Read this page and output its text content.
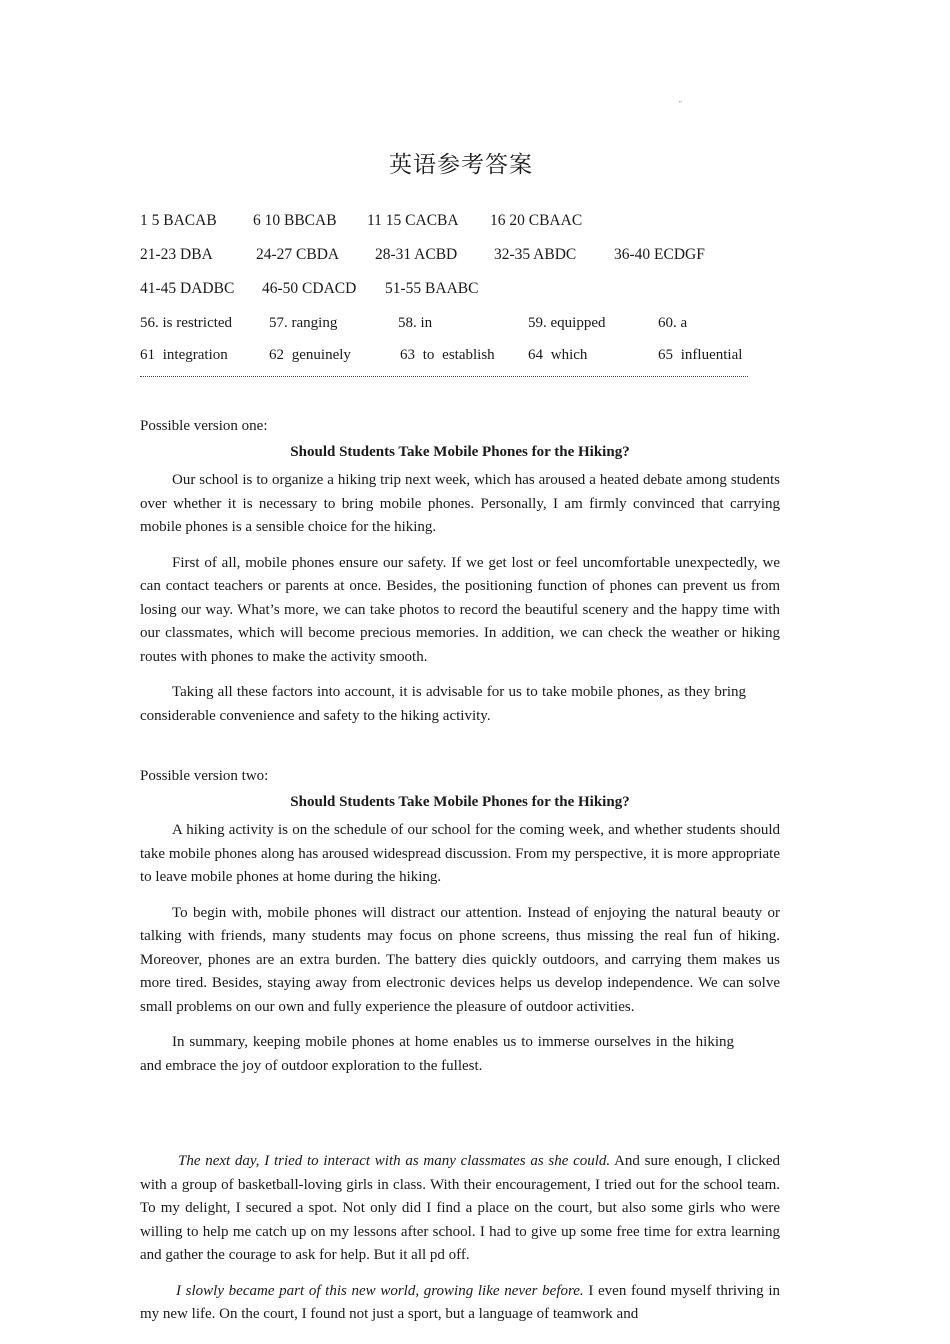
"
英语参考答案
1 5 BACAB 6 10 BBCAB 11 15 CACBA 16 20 CBAAC
21-23 DBA	24-27 CBDA 28-31 ACBD 32-35 ABDC 36-40 ECDGF
41-45 DADBC 46-50 CDACD 51-55 BAABC
56. is restricted 57. ranging	58. in	59. equipped	60. a
61 integration	62 genuinely	63 to establish 64 which	65 influential
Possible version one:
Should Students Take Mobile Phones for the Hiking?

Our school is to organize a hiking trip next week, which has aroused a heated debate among students over whether it is necessary to bring mobile phones. Personally, I am firmly convinced that carrying mobile phones is a sensible choice for the hiking.

First of all, mobile phones ensure our safety. If we get lost or feel uncomfortable unexpectedly, we can contact teachers or parents at once. Besides, the positioning function of phones can prevent us from losing our way. What’s more, we can take photos to record the beautiful scenery and the happy time with our classmates, which will become precious memories. In addition, we can check the weather or hiking routes with phones to make the activity smooth.

Taking all these factors into account, it is advisable for us to take mobile phones, as they bring considerable convenience and safety to the hiking activity.

Possible version two:
Should Students Take Mobile Phones for the Hiking?

A hiking activity is on the schedule of our school for the coming week, and whether students should take mobile phones along has aroused widespread discussion. From my perspective, it is more appropriate to leave mobile phones at home during the hiking.

To begin with, mobile phones will distract our attention. Instead of enjoying the natural beauty or talking with friends, many students may focus on phone screens, thus missing the real fun of hiking. Moreover, phones are an extra burden. The battery dies quickly outdoors, and carrying them makes us more tired. Besides, staying away from electronic devices helps us develop independence. We can solve small problems on our own and fully experience the pleasure of outdoor activities.

In summary, keeping mobile phones at home enables us to immerse ourselves in the hiking and embrace the joy of outdoor exploration to the fullest.

The next day, I tried to interact with as many classmates as she could. And sure enough, I clicked with a group of basketball-loving girls in class. With their encouragement, I tried out for the school team. To my delight, I secured a spot. Not only did I find a place on the court, but also some girls who were willing to help me catch up on my lessons after school. I had to give up some free time for extra learning and gather the courage to ask for help. But it all pd off.

I slowly became part of this new world, growing like never before. I even found myself thriving in my new life. On the court, I found not just a sport, but a language of teamwork and
